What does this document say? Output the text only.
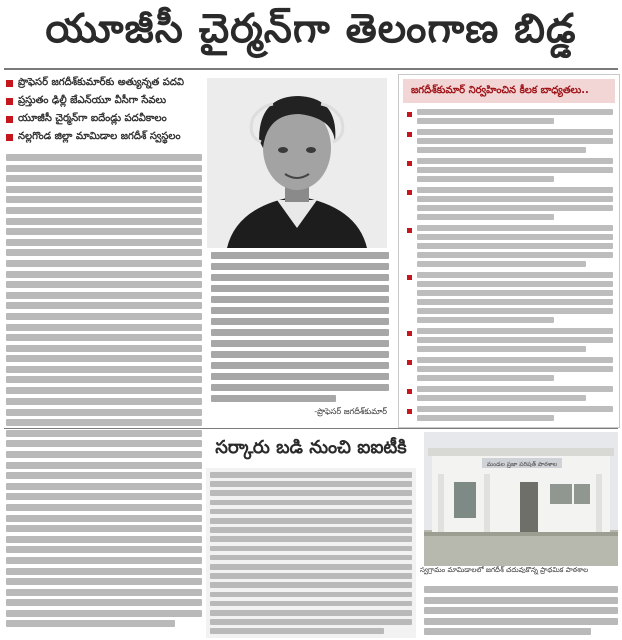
యూజీసీ చైర్మన్‌గా తెలంగాణ బిడ్డ
ప్రొఫెసర్ జగదీశ్‌కుమార్‌కు అత్యున్నత పదవి
ప్రస్తుతం ఢిల్లీ జేఎన్‌యూ వీసీగా సేవలు
యూజీసీ చైర్మన్‌గా ఐదేండ్లు పదవీకాలం
నల్లగొండ జిల్లా మామిడాల జగదీశ్ స్వస్థలం
-ప్రొఫెసర్ జగదీశ్‌కుమార్
జగదీశ్‌కుమార్ నిర్వహించిన కీలక బాధ్యతలు..
సర్కారు బడి నుంచి ఐఐటీకి
మండల ప్రజా పరిషత్ పాఠశాల
స్వగ్రామం మామిడాలలో జగదీశ్ చదువుకొన్న ప్రాథమిక పాఠశాల
